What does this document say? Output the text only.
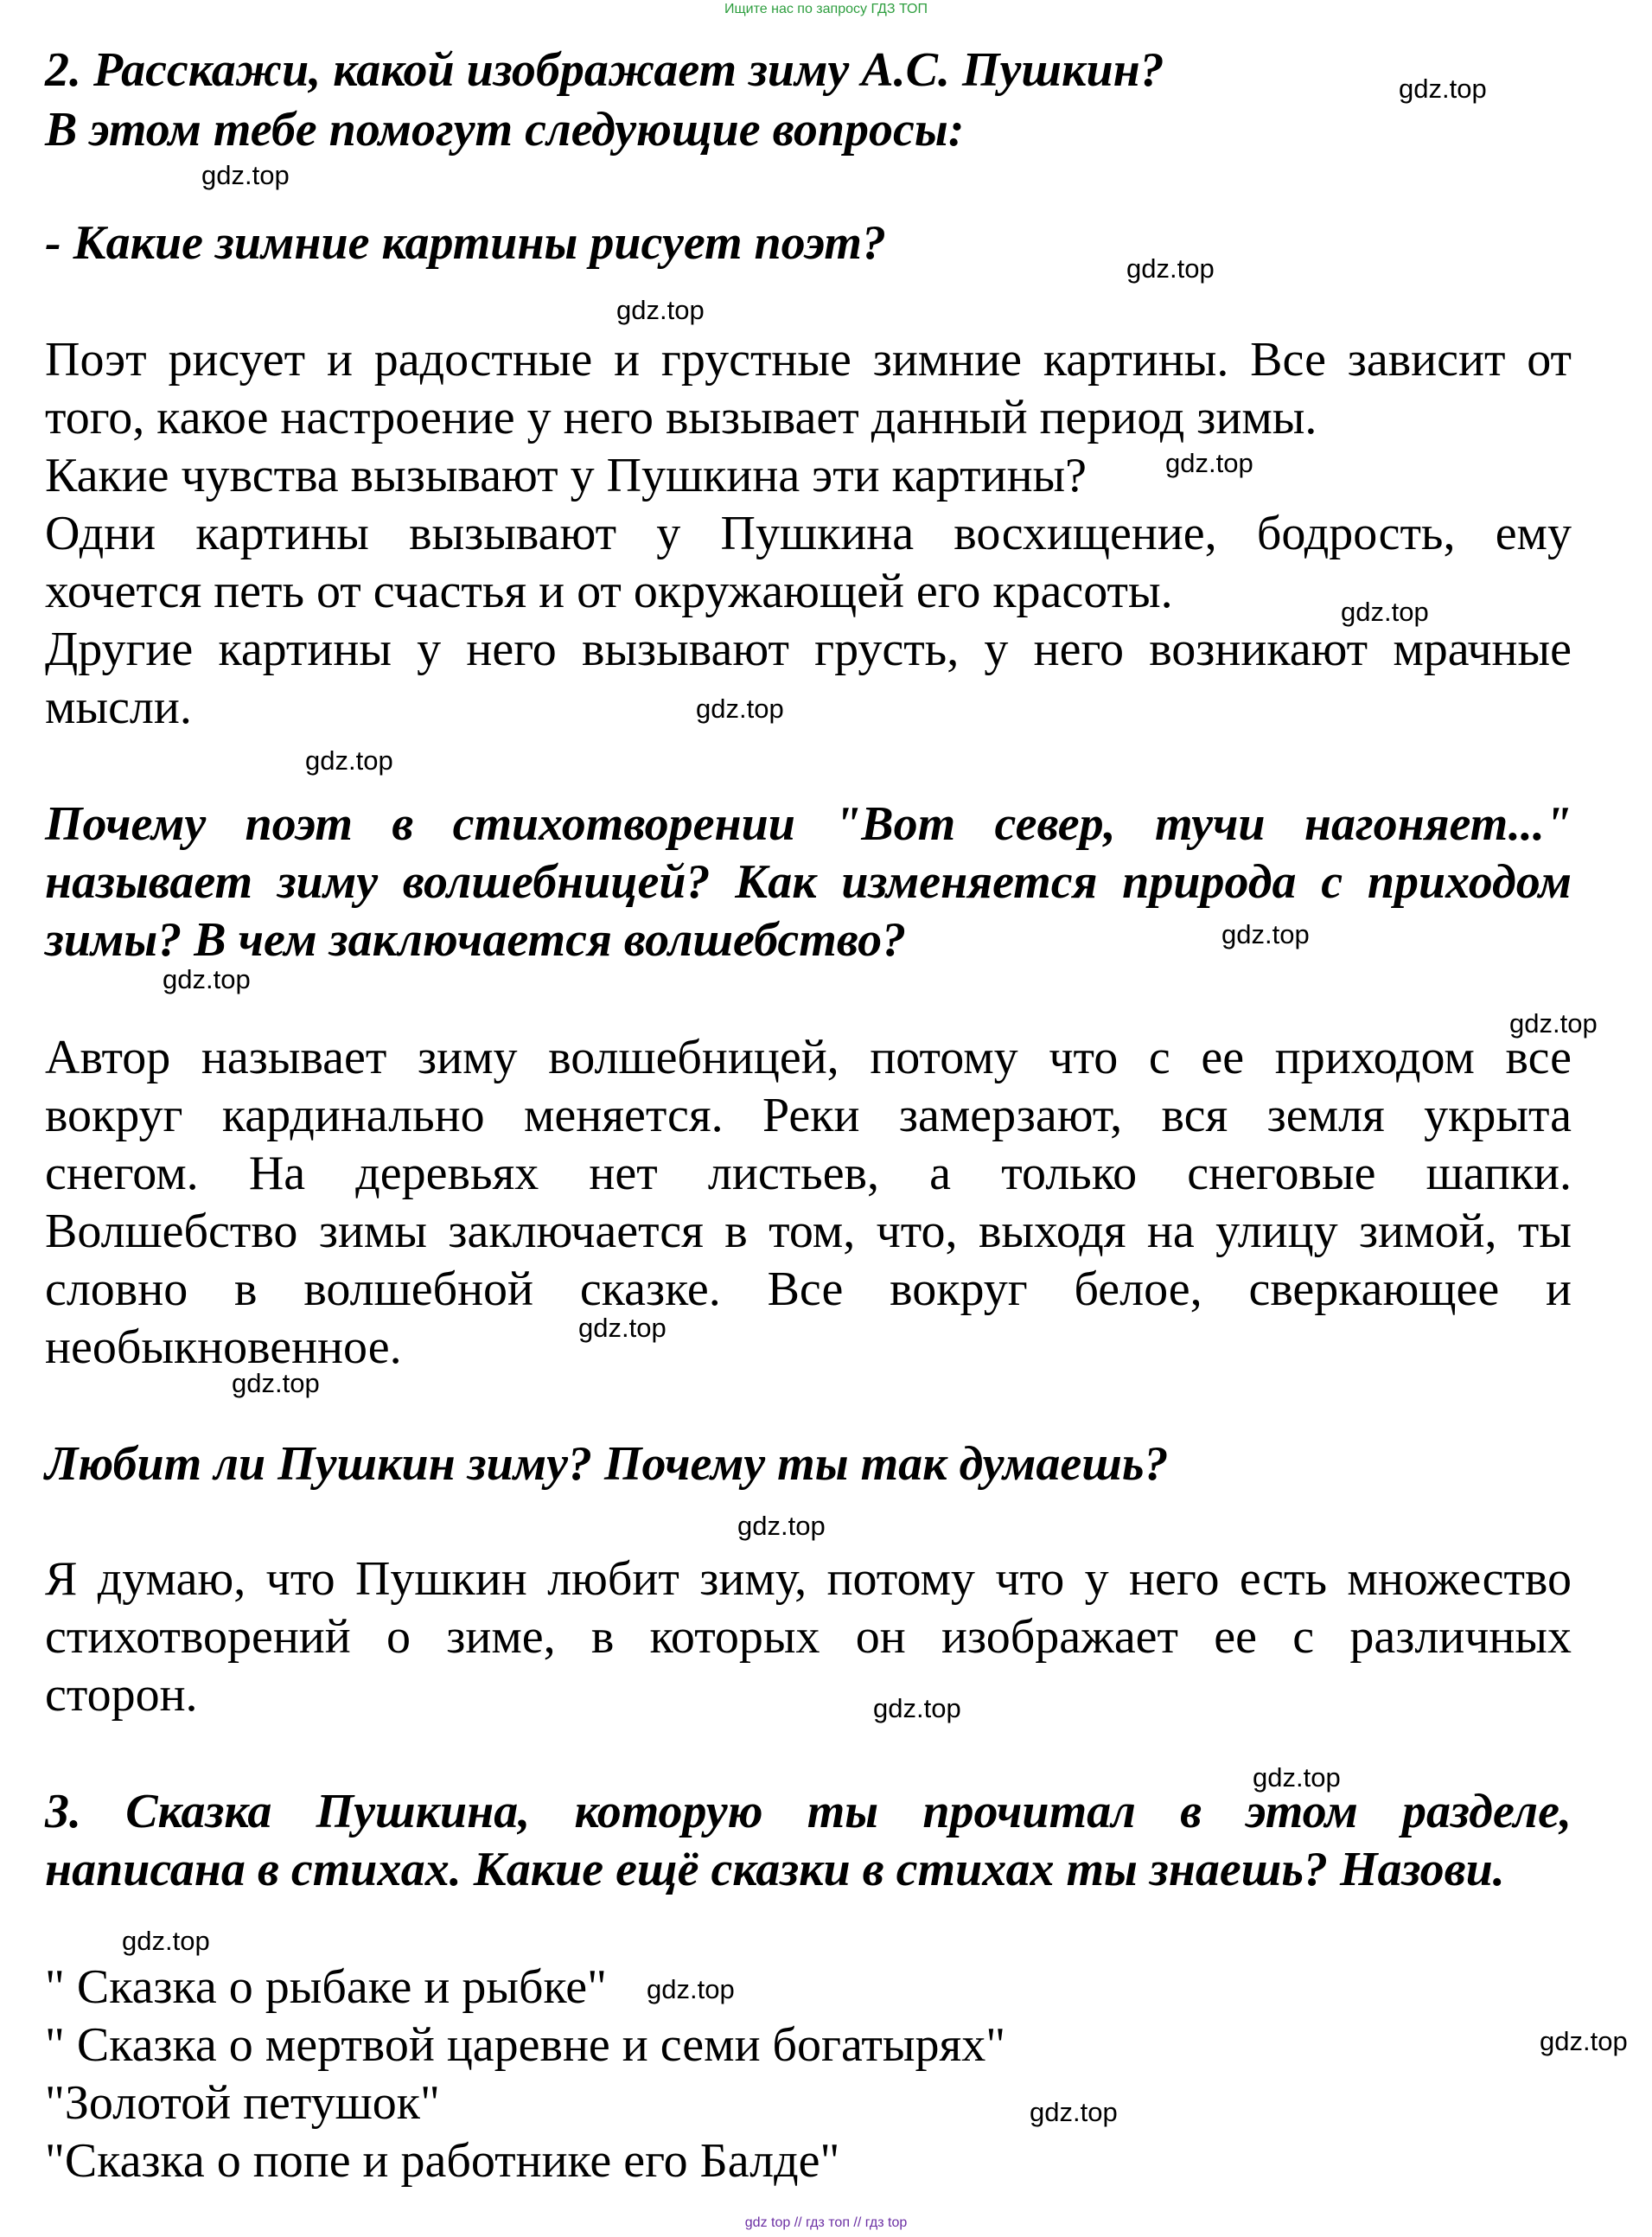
Ищите нас по запросу ГДЗ ТОП
2. Расскажи, какой изображает зиму А.С. Пушкин?
В этом тебе помогут следующие вопросы:
- Какие зимние картины рисует поэт?
Поэт рисует и радостные и грустные зимние картины. Все зависит от
того, какое настроение у него вызывает данный период зимы.
Какие чувства вызывают у Пушкина эти картины?
Одни картины вызывают у Пушкина восхищение, бодрость, ему
хочется петь от счастья и от окружающей его красоты.
Другие картины у него вызывают грусть, у него возникают мрачные
мысли.
Почему поэт в стихотворении "Вот север, тучи нагоняет..."
называет зиму волшебницей? Как изменяется природа с приходом
зимы? В чем заключается волшебство?
Автор называет зиму волшебницей, потому что с ее приходом все
вокруг кардинально меняется. Реки замерзают, вся земля укрыта
снегом. На деревьях нет листьев, а только снеговые шапки.
Волшебство зимы заключается в том, что, выходя на улицу зимой, ты
словно в волшебной сказке. Все вокруг белое, сверкающее и
необыкновенное.
Любит ли Пушкин зиму? Почему ты так думаешь?
Я думаю, что Пушкин любит зиму, потому что у него есть множество
стихотворений о зиме, в которых он изображает ее с различных
сторон.
3. Сказка Пушкина, которую ты прочитал в этом разделе,
написана в стихах. Какие ещё сказки в стихах ты знаешь? Назови.
" Сказка о рыбаке и рыбке"
" Сказка о мертвой царевне и семи богатырях"
"Золотой петушок"
"Сказка о попе и работнике его Балде"
gdz.top
gdz.top
gdz.top
gdz.top
gdz.top
gdz.top
gdz.top
gdz.top
gdz.top
gdz.top
gdz.top
gdz.top
gdz.top
gdz.top
gdz.top
gdz.top
gdz.top
gdz.top
gdz.top
gdz.top
gdz top // гдз топ // гдз top
